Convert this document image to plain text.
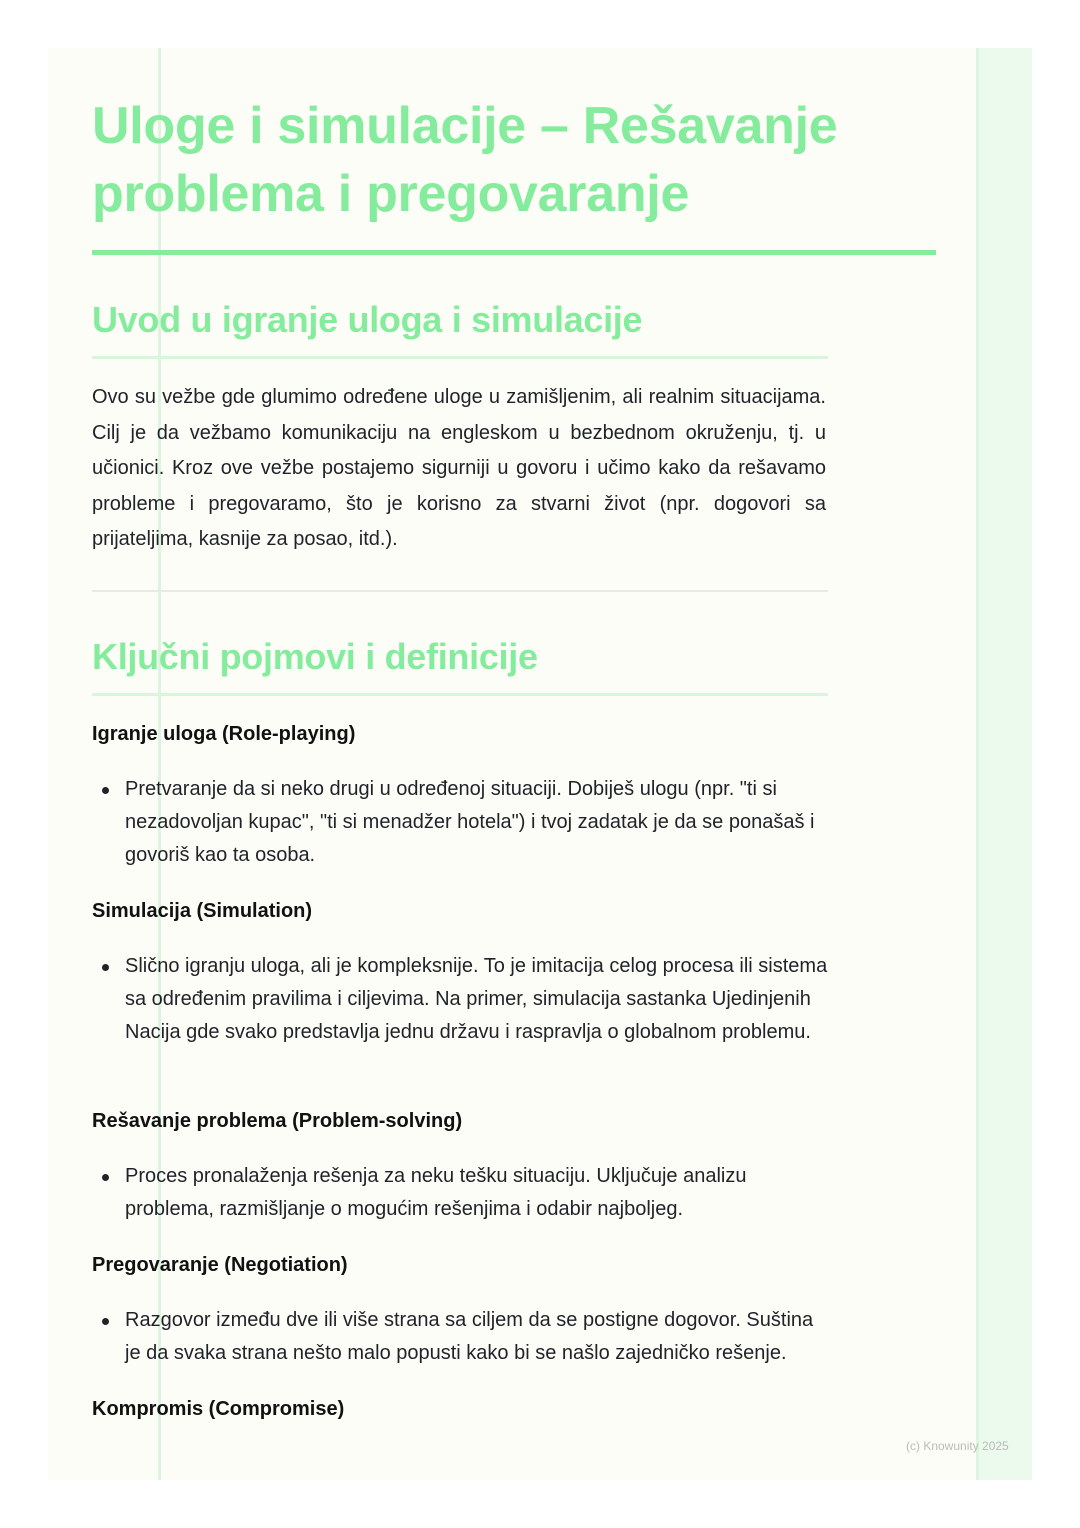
Uloge i simulacije – Rešavanje problema i pregovaranje
Uvod u igranje uloga i simulacije

Ovo su vežbe gde glumimo određene uloge u zamišljenim, ali realnim situacijama. Cilj je da vežbamo komunikaciju na engleskom u bezbednom okruženju, tj. u učionici. Kroz ove vežbe postajemo sigurniji u govoru i učimo kako da rešavamo probleme i pregovaramo, što je korisno za stvarni život (npr. dogovori sa prijateljima, kasnije za posao, itd.).

Ključni pojmovi i definicije

Igranje uloga (Role-playing)

Pretvaranje da si neko drugi u određenoj situaciji. Dobiješ ulogu (npr. "ti si nezadovoljan kupac", "ti si menadžer hotela") i tvoj zadatak je da se ponašaš i govoriš kao ta osoba.

Simulacija (Simulation)

Slično igranju uloga, ali je kompleksnije. To je imitacija celog procesa ili sistema sa određenim pravilima i ciljevima. Na primer, simulacija sastanka Ujedinjenih Nacija gde svako predstavlja jednu državu i raspravlja o globalnom problemu.

Rešavanje problema (Problem-solving)

Proces pronalaženja rešenja za neku tešku situaciju. Uključuje analizu problema, razmišljanje o mogućim rešenjima i odabir najboljeg.

Pregovaranje (Negotiation)

Razgovor između dve ili više strana sa ciljem da se postigne dogovor. Suština je da svaka strana nešto malo popusti kako bi se našlo zajedničko rešenje.

Kompromis (Compromise)

(c) Knowunity 2025
